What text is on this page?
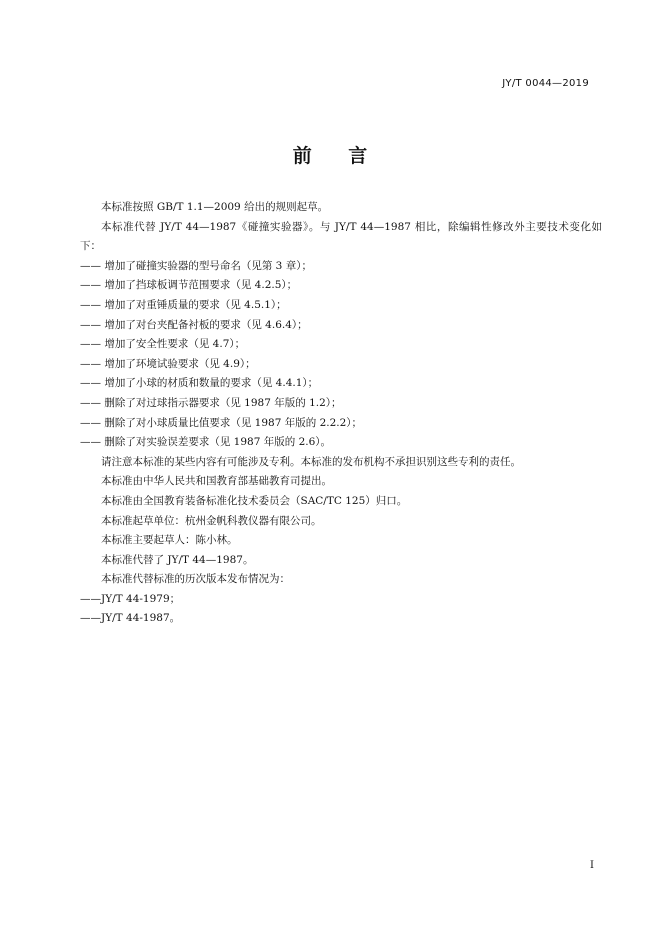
JY/T 0044—2019
前 言

本标准按照 GB/T 1.1—2009 给出的规则起草。

本标准代替 JY/T 44—1987《碰撞实验器》。与 JY/T 44—1987 相比，除编辑性修改外主要技术变化如下：

—— 增加了碰撞实验器的型号命名（见第 3 章）；

—— 增加了挡球板调节范围要求（见 4.2.5）；

—— 增加了对重锤质量的要求（见 4.5.1）；

—— 增加了对台夹配备衬板的要求（见 4.6.4）；

—— 增加了安全性要求（见 4.7）；

—— 增加了环境试验要求（见 4.9）；

—— 增加了小球的材质和数量的要求（见 4.4.1）；

—— 删除了对过球指示器要求（见 1987 年版的 1.2）；

—— 删除了对小球质量比值要求（见 1987 年版的 2.2.2）；

—— 删除了对实验误差要求（见 1987 年版的 2.6）。

请注意本标准的某些内容有可能涉及专利。本标准的发布机构不承担识别这些专利的责任。

本标准由中华人民共和国教育部基础教育司提出。

本标准由全国教育装备标准化技术委员会（SAC/TC 125）归口。

本标准起草单位：杭州金帆科教仪器有限公司。

本标准主要起草人：陈小林。

本标准代替了 JY/T 44—1987。

本标准代替标准的历次版本发布情况为：

——JY/T 44-1979；

——JY/T 44-1987。

I
